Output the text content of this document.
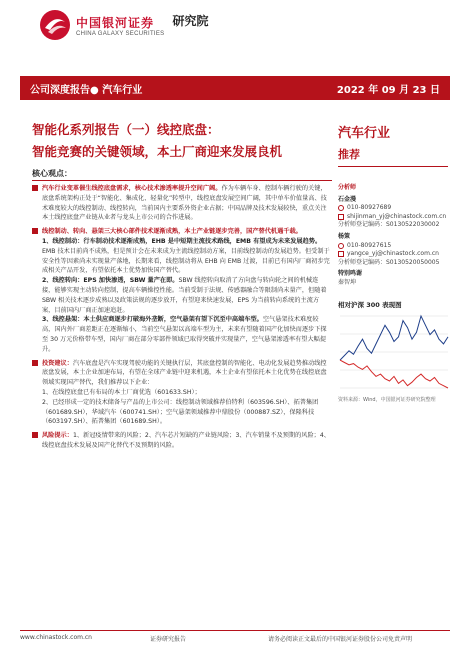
中国银河证券
CHINA GALAXY SECURITIES
研究院
公司深度报告● 汽车行业	2022 年 09 月 23 日
智能化系列报告（一）线控底盘：
智能竞赛的关键领域，本土厂商迎来发展良机
核心观点：
汽车行业
推荐
汽车行业变革催生线控底盘需求，核心技术渗透率提升空间广阔。作为车辆车身、控制车辆行驶的关键，底盘系统架构正处于“智能化、集成化、轻量化”转型中，线控底盘发展空间广阔，其中单车价值量高、技术难度较大的线控制动、线控转向，当前国内主要系外资企业占据；中国品牌及技术发展较快，重点关注本土线控底盘产业链从业者与龙头上市公司的合作进展。
线控制动、转向、悬架三大核心部件技术逐渐成熟，本土产业链逐步完善，国产替代机遇千载。
1、线控制动：行车制动技术逐渐成熟，EHB 是中短期主流技术路线，EMB 有望成为未来发展趋势。EMB 技术目前尚不成熟，但是预计会在未来成为主流线控制动方案，目前线控制动的发展趋势。但受制于安全性等因素尚未实现量产落地，长期来看，线控制动将从 EHB 向 EMB 过渡，目前已有国内厂商初步完成相关产品开发，有望依托本土优势加快国产替代。
2、线控转向：EPS 加快渗透，SBW 量产在即。SBW 线控转向取消了方向盘与转向轮之间的机械连接，能够实现主动转向控制，提高车辆操控性能。当前受制于法规、传感器融合等限制尚未量产，但随着 SBW 相关技术逐步成熟以及政策法规的逐步放开，有望迎来快速发展，EPS 为当前转向系统的主流方案，目前国内厂商正加速追赶。
3、线控悬架：本土供应商逐步打破海外垄断，空气悬架有望下沉至中高端车型。空气悬架技术难度较高，国内外厂商差距正在逐渐缩小，当前空气悬架以高端车型为主，未来有望随着国产化加快而逐步下探至 30 万元价格带车型，国内厂商在部分零部件领域已取得突破并实现量产，空气悬架渗透率有望大幅提升。
投资建议：汽车底盘是汽车实现驾驶功能的关键执行层，其底盘控制的智能化、电动化发展趋势推动线控底盘发展，本土企业加速布局，有望在全球产业链中迎来机遇，本土企业有望依托本土化优势在线控底盘领域实现国产替代，我们推荐以下企业：
1、在线控底盘已有布局的本土厂商优选（601633.SH）；
2、已经形成一定的技术储备与产品的上市公司：线控制动领域推荐伯特利（603596.SH）、拓普集团（601689.SH），华域汽车（600741.SH）；空气悬架领域推荐中鼎股份（000887.SZ），保隆科技（603197.SH）、拓普集团（601689.SH）。
风险提示：1、新冠疫情带来的风险；2、汽车芯片短缺的产业链风险；3、汽车销量不及预期的风险；4、线控底盘技术发展及国产化替代不及预期的风险。
分析师
石金漫
010-80927689
shijinman_yj@chinastock.com.cn
分析师登记编码：S0130522030002
杨策
010-80927615
yangce_yj@chinastock.com.cn
分析师登记编码：S0130520050005
特别鸣谢
秦智坤
相对沪深 300 表现图
资料来源：Wind，中国银河证券研究院整理
www.chinastock.com.cn	证券研究报告	请务必阅读正文最后的中国银河证券股份公司免责声明
